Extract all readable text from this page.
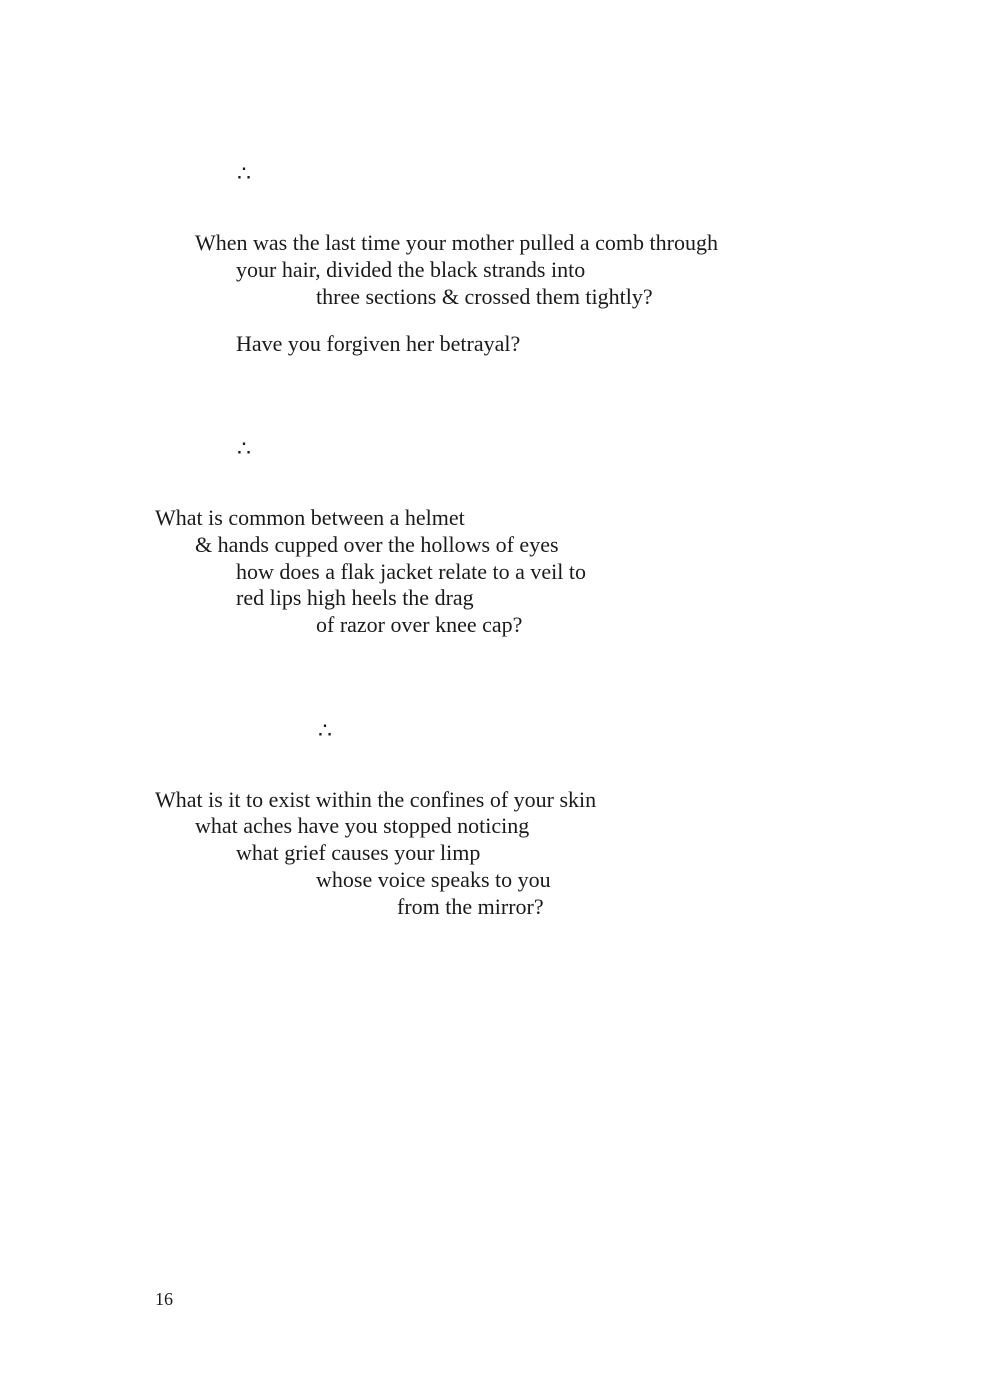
∴
When was the last time your mother pulled a comb through
your hair, divided the black strands into
three sections & crossed them tightly?
Have you forgiven her betrayal?
∴
What is common between a helmet
& hands cupped over the hollows of eyes
how does a flak jacket relate to a veil to
red lips high heels the drag
of razor over knee cap?
∴
What is it to exist within the confines of your skin
what aches have you stopped noticing
what grief causes your limp
whose voice speaks to you
from the mirror?
16
